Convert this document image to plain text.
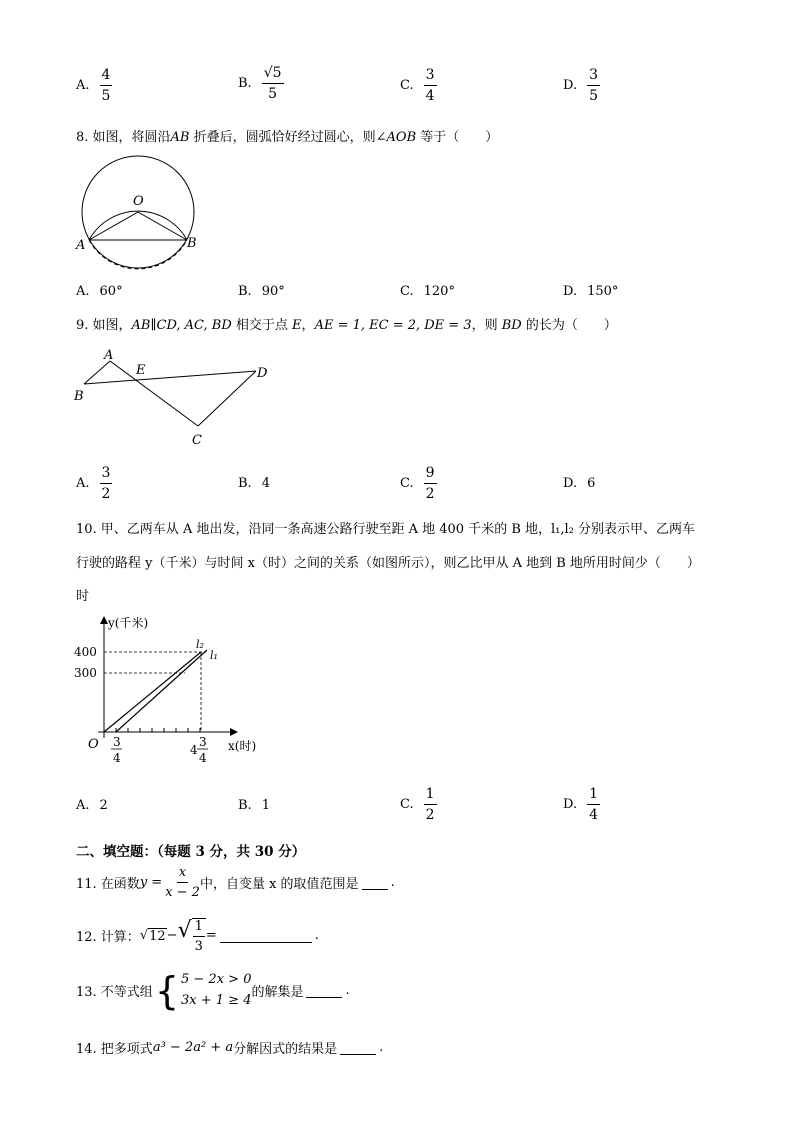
A. $\frac{4}{5}$	B. $\frac{√5}{5}$	C. $\frac{3}{4}$	D. $\frac{3}{5}$
8. 如图，将圆沿AB 折叠后，圆弧恰好经过圆心，则∠AOB 等于（　　）
O
A	B
A. 60°	B. 90°	C. 120°	D. 150°
9. 如图，AB∥CD, AC, BD 相交于点 E，AE = 1, EC = 2, DE = 3，则 BD 的长为（　　）
A
E
B
D
C
A. $\frac{3}{2}$	B. 4	C. $\frac{9}{2}$	D. 6
10. 甲、乙两车从 A 地出发，沿同一条高速公路行驶至距 A 地 400 千米的 B 地，l₁,l₂ 分别表示甲、乙两车
行驶的路程 y（千米）与时间 x（时）之间的关系（如图所示），则乙比甲从 A 地到 B 地所用时间少（　　）
时
y(千米)
x(时)
O
400
300
l₂
l₁
3
4
4
3
4
A. 2	B. 1	C. $\frac{1}{2}$	D. $\frac{1}{4}$
二、填空题：（每题 3 分，共 30 分）
11. 在函数 $y = \frac{x}{x - 2}$ 中，自变量 x 的取值范围是 .
12. 计算： √ 12 − √ $\frac{1}{3}$ =	.
13. 不等式组 { 5 − 2x > 0
3x + 1 ≥ 4 的解集是	.
14. 把多项式 a³ − 2a² + a 分解因式的结果是	.
